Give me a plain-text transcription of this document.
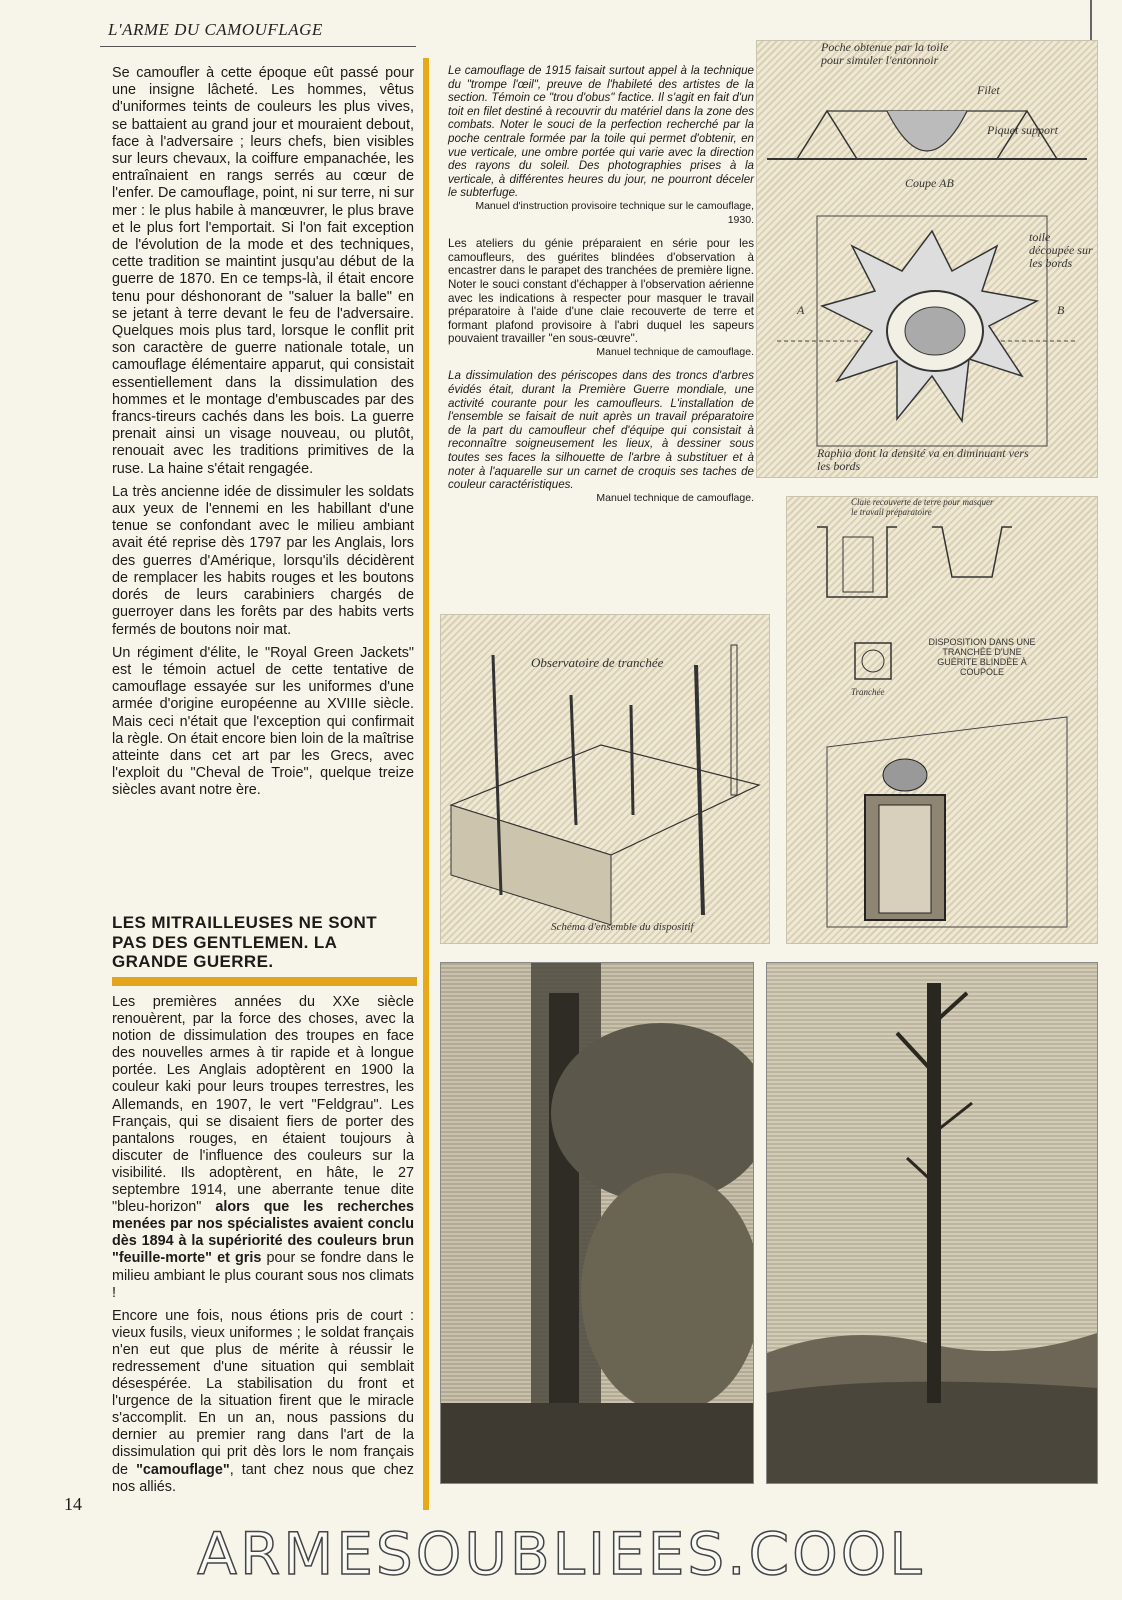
L'ARME DU CAMOUFLAGE

Se camoufler à cette époque eût passé pour une insigne lâcheté. Les hommes, vêtus d'uniformes teints de couleurs les plus vives, se battaient au grand jour et mouraient debout, face à l'adversaire ; leurs chefs, bien visibles sur leurs chevaux, la coiffure empanachée, les entraînaient en rangs serrés au cœur de l'enfer. De camouflage, point, ni sur terre, ni sur mer : le plus habile à manœuvrer, le plus brave et le plus fort l'emportait. Si l'on fait exception de l'évolution de la mode et des techniques, cette tradition se maintint jusqu'au début de la guerre de 1870. En ce temps-là, il était encore tenu pour déshonorant de "saluer la balle" en se jetant à terre devant le feu de l'adversaire. Quelques mois plus tard, lorsque le conflit prit son caractère de guerre nationale totale, un camouflage élémentaire apparut, qui consistait essentiellement dans la dissimulation des hommes et le montage d'embuscades par des francs-tireurs cachés dans les bois. La guerre prenait ainsi un visage nouveau, ou plutôt, renouait avec les traditions primitives de la ruse. La haine s'était rengagée.

La très ancienne idée de dissimuler les soldats aux yeux de l'ennemi en les habillant d'une tenue se confondant avec le milieu ambiant avait été reprise dès 1797 par les Anglais, lors des guerres d'Amérique, lorsqu'ils décidèrent de remplacer les habits rouges et les boutons dorés de leurs carabiniers chargés de guerroyer dans les forêts par des habits verts fermés de boutons noir mat.

Un régiment d'élite, le "Royal Green Jackets" est le témoin actuel de cette tentative de camouflage essayée sur les uniformes d'une armée d'origine européenne au XVIIIe siècle. Mais ceci n'était que l'exception qui confirmait la règle. On était encore bien loin de la maîtrise atteinte dans cet art par les Grecs, avec l'exploit du "Cheval de Troie", quelque treize siècles avant notre ère.

LES MITRAILLEUSES NE SONT PAS DES GENTLEMEN. LA GRANDE GUERRE.

Les premières années du XXe siècle renouèrent, par la force des choses, avec la notion de dissimulation des troupes en face des nouvelles armes à tir rapide et à longue portée. Les Anglais adoptèrent en 1900 la couleur kaki pour leurs troupes terrestres, les Allemands, en 1907, le vert "Feldgrau". Les Français, qui se disaient fiers de porter des pantalons rouges, en étaient toujours à discuter de l'influence des couleurs sur la visibilité. Ils adoptèrent, en hâte, le 27 septembre 1914, une aberrante tenue dite "bleu-horizon" alors que les recherches menées par nos spécialistes avaient conclu dès 1894 à la supériorité des couleurs brun "feuille-morte" et gris pour se fondre dans le milieu ambiant le plus courant sous nos climats !

Encore une fois, nous étions pris de court : vieux fusils, vieux uniformes ; le soldat français n'en eut que plus de mérite à réussir le redressement d'une situation qui semblait désespérée. La stabilisation du front et l'urgence de la situation firent que le miracle s'accomplit. En un an, nous passions du dernier au premier rang dans l'art de la dissimulation qui prit dès lors le nom français de "camouflage", tant chez nous que chez nos alliés.

14

Le camouflage de 1915 faisait surtout appel à la technique du "trompe l'œil", preuve de l'habileté des artistes de la section. Témoin ce "trou d'obus" factice. Il s'agit en fait d'un toit en filet destiné à recouvrir du matériel dans la zone des combats. Noter le souci de la perfection recherché par la poche centrale formée par la toile qui permet d'obtenir, en vue verticale, une ombre portée qui varie avec la direction des rayons du soleil. Des photographies prises à la verticale, à différentes heures du jour, ne pourront déceler le subterfuge.
Manuel d'instruction provisoire technique sur le camouflage, 1930.

Les ateliers du génie préparaient en série pour les camoufleurs, des guérites blindées d'observation à encastrer dans le parapet des tranchées de première ligne. Noter le souci constant d'échapper à l'observation aérienne avec les indications à respecter pour masquer le travail préparatoire à l'aide d'une claie recouverte de terre et formant plafond provisoire à l'abri duquel les sapeurs pouvaient travailler "en sous-œuvre".
Manuel technique de camouflage.

La dissimulation des périscopes dans des troncs d'arbres évidés était, durant la Première Guerre mondiale, une activité courante pour les camoufleurs. L'installation de l'ensemble se faisait de nuit après un travail préparatoire de la part du camoufleur chef d'équipe qui consistait à reconnaître soigneusement les lieux, à dessiner sous toutes ses faces la silhouette de l'arbre à substituer et à noter à l'aquarelle sur un carnet de croquis ses taches de couleur caractéristiques.
Manuel technique de camouflage.

Poche obtenue par la toile pour simuler l'entonnoir
Filet
Piquet support
Coupe AB
toile découpée sur les bords
A	B
Raphia dont la densité va en diminuant vers les bords
Observatoire de tranchée
Schéma d'ensemble du dispositif
Claie recouverte de terre pour masquer le travail préparatoire
DISPOSITION DANS UNE TRANCHÉE D'UNE GUÉRITE BLINDÉE À COUPOLE
Tranchée
ARMESOUBLIEES.COOL
